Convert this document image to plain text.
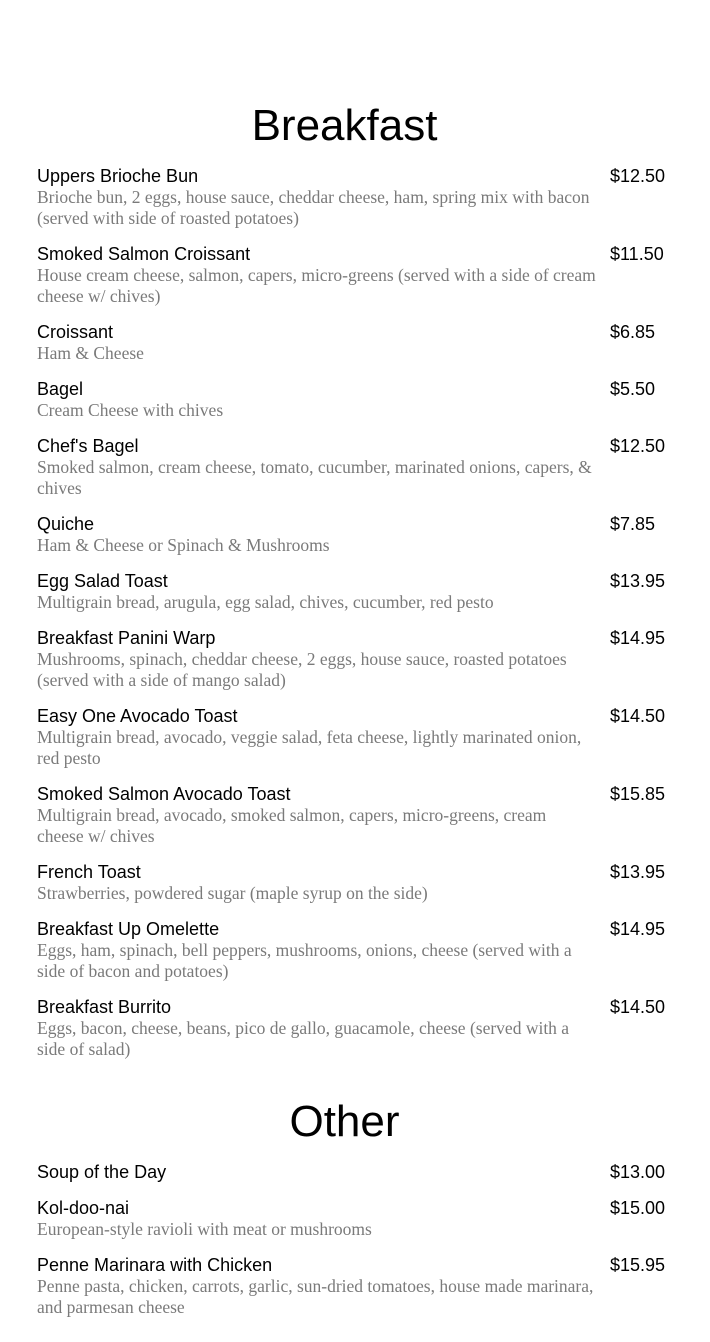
Breakfast
Uppers Brioche Bun	$12.50
Brioche bun, 2 eggs, house sauce, cheddar cheese, ham, spring mix with bacon (served with side of roasted potatoes)
Smoked Salmon Croissant	$11.50
House cream cheese, salmon, capers, micro-greens (served with a side of cream cheese w/ chives)
Croissant	$6.85
Ham & Cheese
Bagel	$5.50
Cream Cheese with chives
Chef's Bagel	$12.50
Smoked salmon, cream cheese, tomato, cucumber, marinated onions, capers, & chives
Quiche	$7.85
Ham & Cheese or Spinach & Mushrooms
Egg Salad Toast	$13.95
Multigrain bread, arugula, egg salad, chives, cucumber, red pesto
Breakfast Panini Warp	$14.95
Mushrooms, spinach, cheddar cheese, 2 eggs, house sauce, roasted potatoes (served with a side of mango salad)
Easy One Avocado Toast	$14.50
Multigrain bread, avocado, veggie salad, feta cheese, lightly marinated onion, red pesto
Smoked Salmon Avocado Toast	$15.85
Multigrain bread, avocado, smoked salmon, capers, micro-greens, cream cheese w/ chives
French Toast	$13.95
Strawberries, powdered sugar (maple syrup on the side)
Breakfast Up Omelette	$14.95
Eggs, ham, spinach, bell peppers, mushrooms, onions, cheese (served with a side of bacon and potatoes)
Breakfast Burrito	$14.50
Eggs, bacon, cheese, beans, pico de gallo, guacamole, cheese (served with a side of salad)
Other
Soup of the Day	$13.00
Kol-doo-nai	$15.00
European-style ravioli with meat or mushrooms
Penne Marinara with Chicken	$15.95
Penne pasta, chicken, carrots, garlic, sun-dried tomatoes, house made marinara, and parmesan cheese
